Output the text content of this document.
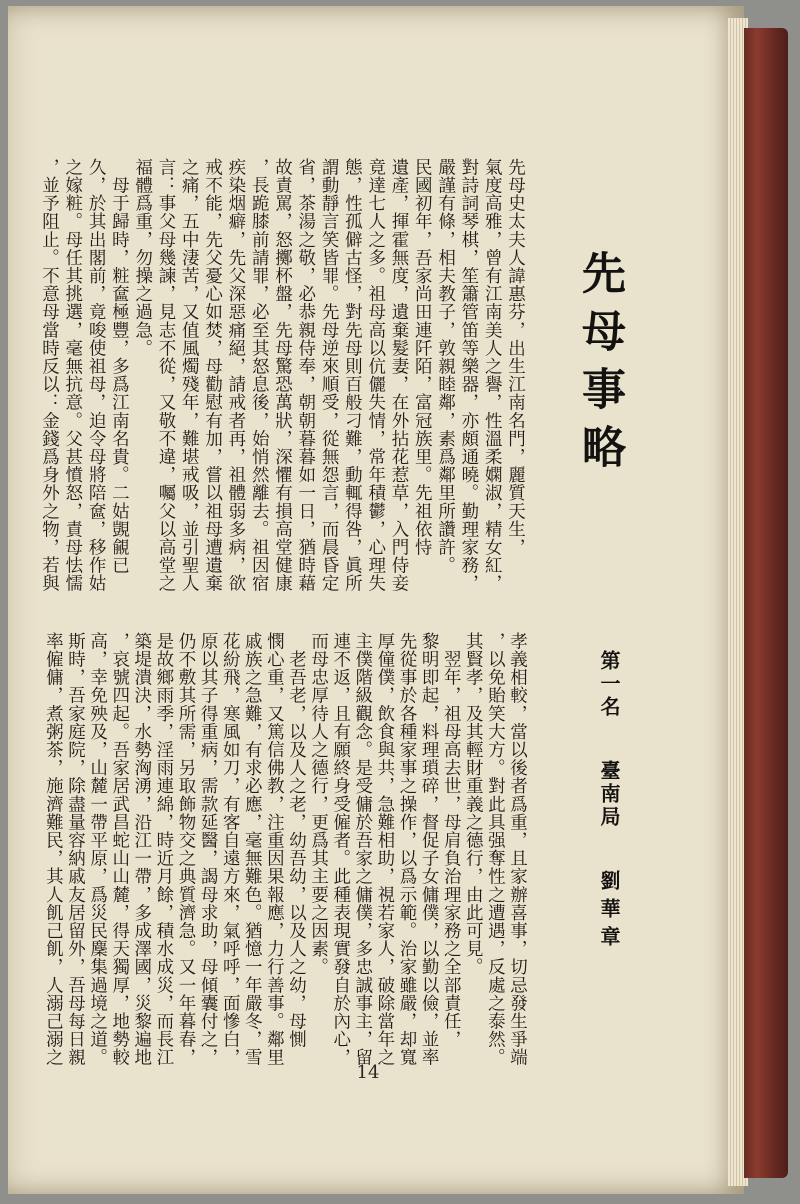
先母事略
第一名
臺南局
劉華章
先母史太夫人諱惠芬，出生江南名門，麗質天生，
氣度高雅，曾有江南美人之譽，性溫柔嫻淑，精女紅，
對詩詞琴棋，笙簫管笛等樂器，亦頗通曉。勤理家務，
嚴謹有條，相夫教子，敦親睦鄰，素爲鄰里所讚許。
民國初年，吾家尚田連阡陌，富冠族里。先祖依恃
遺產，揮霍無度，遺棄髮妻，在外拈花惹草，入門侍妾
竟達七人之多。祖母高以伉儷失情，常年積鬱，心理失
態，性孤僻古怪，對先母則百般刁難，動輒得咎，眞所
謂動靜言笑皆罪。先母逆來順受，從無怨言，而晨昏定
省，茶湯之敬，必恭親侍奉，朝朝暮暮如一日，猶時藉
故責罵，怒擲杯盤，先母驚恐萬狀，深懼有損高堂健康
，長跪膝前請罪，必至其怒息後，始悄然離去。祖因宿
疾染烟癖，先父深惡痛絕，請戒者再，祖體弱多病，欲
戒不能，先父憂心如焚，母勸慰有加，嘗以祖母遭遺棄
之痛，五中淒苦，又值風燭殘年，難堪戒吸，並引聖人
言：事父母幾諫，見志不從，又敬不違，囑父以高堂之
福體爲重，勿操之過急。
　母于歸時，粧奩極豐，多爲江南名貴。二姑覬覦已
久，於其出閣前，竟唆使祖母，迫令母將陪奩，移作姑
之嫁粧。母任其挑選，毫無抗意。父甚憤怒，責母怯懦
，並予阻止。不意母當時反以：金錢爲身外之物，若與
孝義相較，當以後者爲重，且家辦喜事，切忌發生爭端
，以免貽笑大方。對此具强奪性之遭遇，反處之泰然。
其賢孝，及其輕財重義之德行，由此可見。
　翌年，祖母高去世，母肩負治理家務之全部責任，
黎明即起，料理瑣碎，督促子女傭僕，以勤以儉，並率
先從事於各種家事之操作，以爲示範。治家雖嚴，却寬
厚僮僕，飲食與共，急難相助，視若家人，破除當年之
主僕階級觀念。是受傭於吾家之傭僕，多忠誠事主，留
連不返，且有願終身受僱者。此種表現實發自於內心，
而母忠厚待人之德行，更爲其主要之因素。
　老吾老，以及人之老，幼吾幼，以及人之幼，母惻
憫心重，又篤信佛教，注重因果報應，力行善事。鄰里
戚族之急難，有求必應，毫無難色。猶憶一年嚴冬，雪
花紛飛，寒風如刀，有客自遠方來，氣呼呼，面慘白，
原以其子得重病，需款延醫，謁母求助，母傾囊付之，
仍不敷其所需，另取飾物交之典質濟急。又一年暮春，
是故鄉雨季，淫雨連綿，時近月餘，積水成災，而長江
築堤潰決，水勢洶湧，沿江一帶，多成澤國，災黎遍地
，哀號四起。吾家居武昌蛇山山麓，得天獨厚，地勢較
高，幸免殃及，山麓一帶平原，爲災民麇集過境之道。
斯時，吾家庭院，除盡量容納戚友居留外，吾母每日親
率僱傭，煮粥茶，施濟難民，其人飢己飢，人溺己溺之
14
